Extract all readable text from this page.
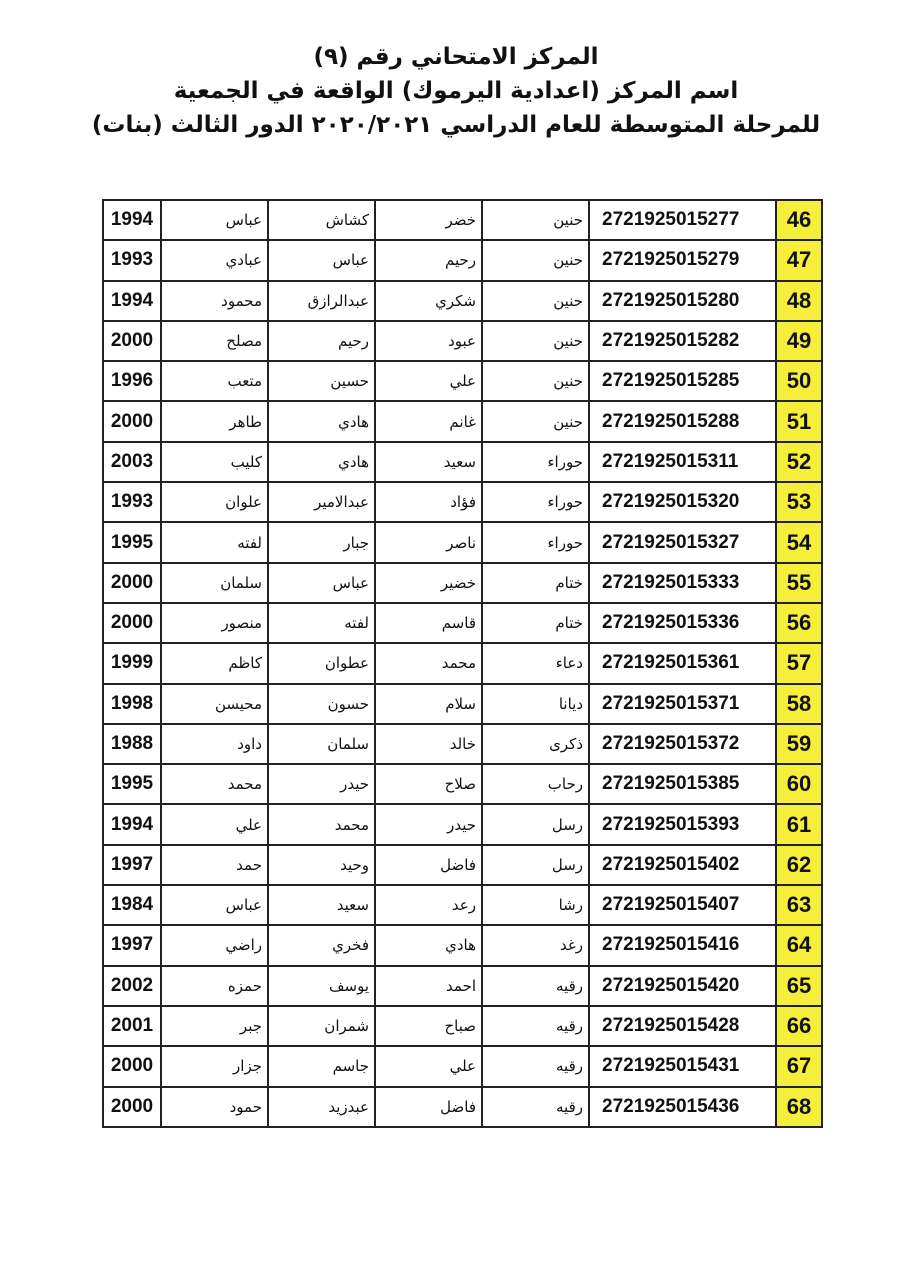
المركز الامتحاني رقم (٩)

اسم المركز (اعدادية اليرموك) الواقعة في الجمعية

للمرحلة المتوسطة للعام الدراسي ٢٠٢٠/٢٠٢١ الدور الثالث (بنات)

46	2721925015277	حنين	خضر	كشاش	عباس	1994
47	2721925015279	حنين	رحيم	عباس	عبادي	1993
48	2721925015280	حنين	شكري	عبدالرازق	محمود	1994
49	2721925015282	حنين	عبود	رحيم	مصلح	2000
50	2721925015285	حنين	علي	حسين	متعب	1996
51	2721925015288	حنين	غانم	هادي	طاهر	2000
52	2721925015311	حوراء	سعيد	هادي	كليب	2003
53	2721925015320	حوراء	فؤاد	عبدالامير	علوان	1993
54	2721925015327	حوراء	ناصر	جبار	لفته	1995
55	2721925015333	ختام	خضير	عباس	سلمان	2000
56	2721925015336	ختام	قاسم	لفته	منصور	2000
57	2721925015361	دعاء	محمد	عطوان	كاظم	1999
58	2721925015371	ديانا	سلام	حسون	محيسن	1998
59	2721925015372	ذكرى	خالد	سلمان	داود	1988
60	2721925015385	رحاب	صلاح	حيدر	محمد	1995
61	2721925015393	رسل	حيدر	محمد	علي	1994
62	2721925015402	رسل	فاضل	وحيد	حمد	1997
63	2721925015407	رشا	رعد	سعيد	عباس	1984
64	2721925015416	رغد	هادي	فخري	راضي	1997
65	2721925015420	رقيه	احمد	يوسف	حمزه	2002
66	2721925015428	رقيه	صباح	شمران	جبر	2001
67	2721925015431	رقيه	علي	جاسم	جزار	2000
68	2721925015436	رقيه	فاضل	عبدزيد	حمود	2000
